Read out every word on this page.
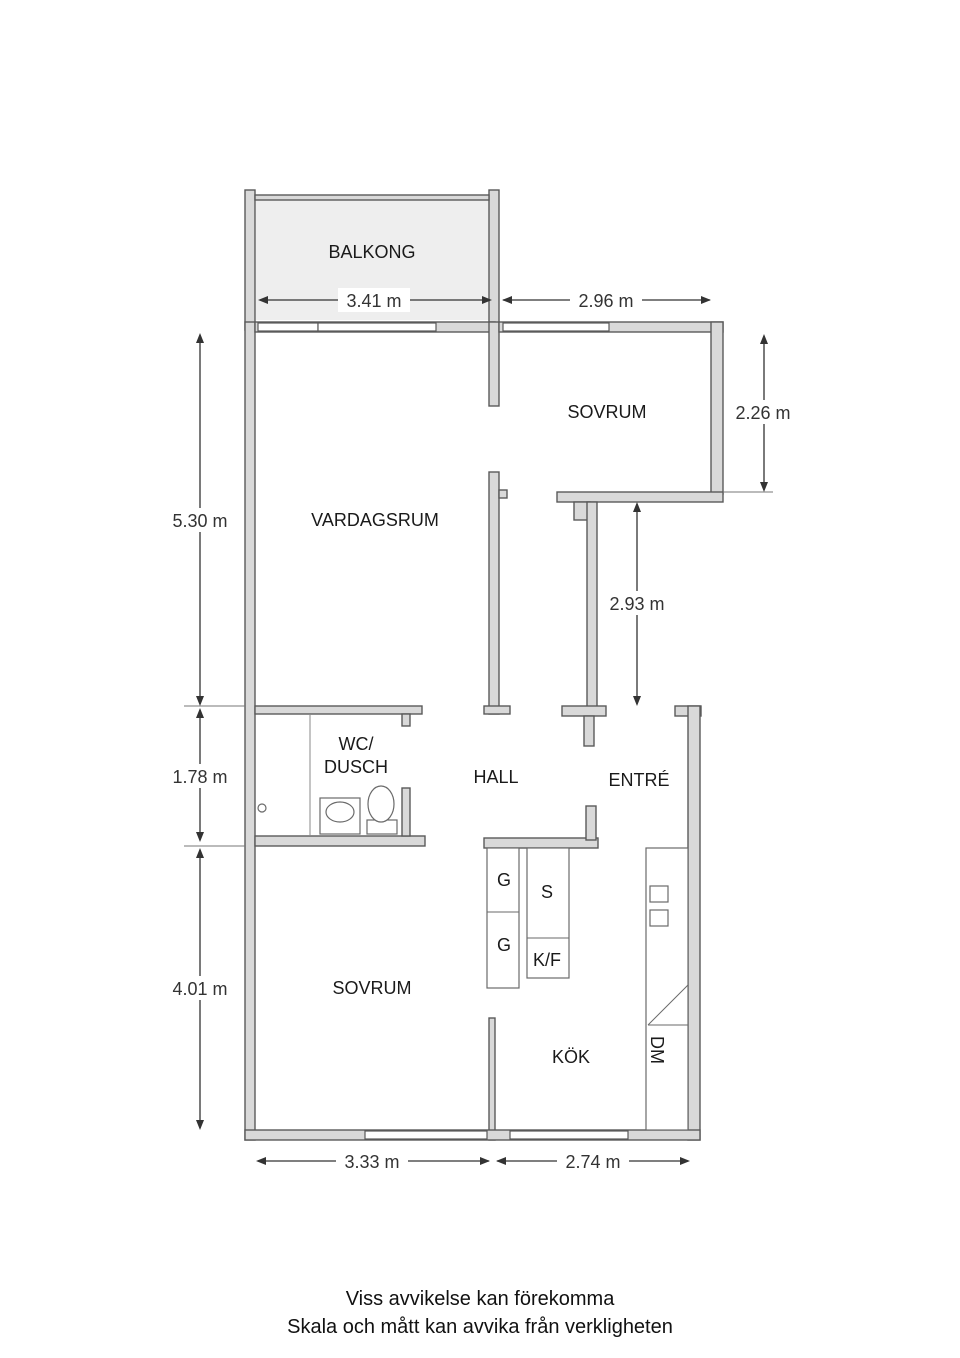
BALKONG
SOVRUM
VARDAGSRUM
WC/
DUSCH	HALL	ENTRÉ
SOVRUM
KÖK
G
G
S
K/F
DM
3.41 m	2.96 m
2.26 m
2.93 m
5.30 m
1.78 m
4.01 m
3.33 m	2.74 m
Viss avvikelse kan förekomma
Skala och mått kan avvika från verkligheten
